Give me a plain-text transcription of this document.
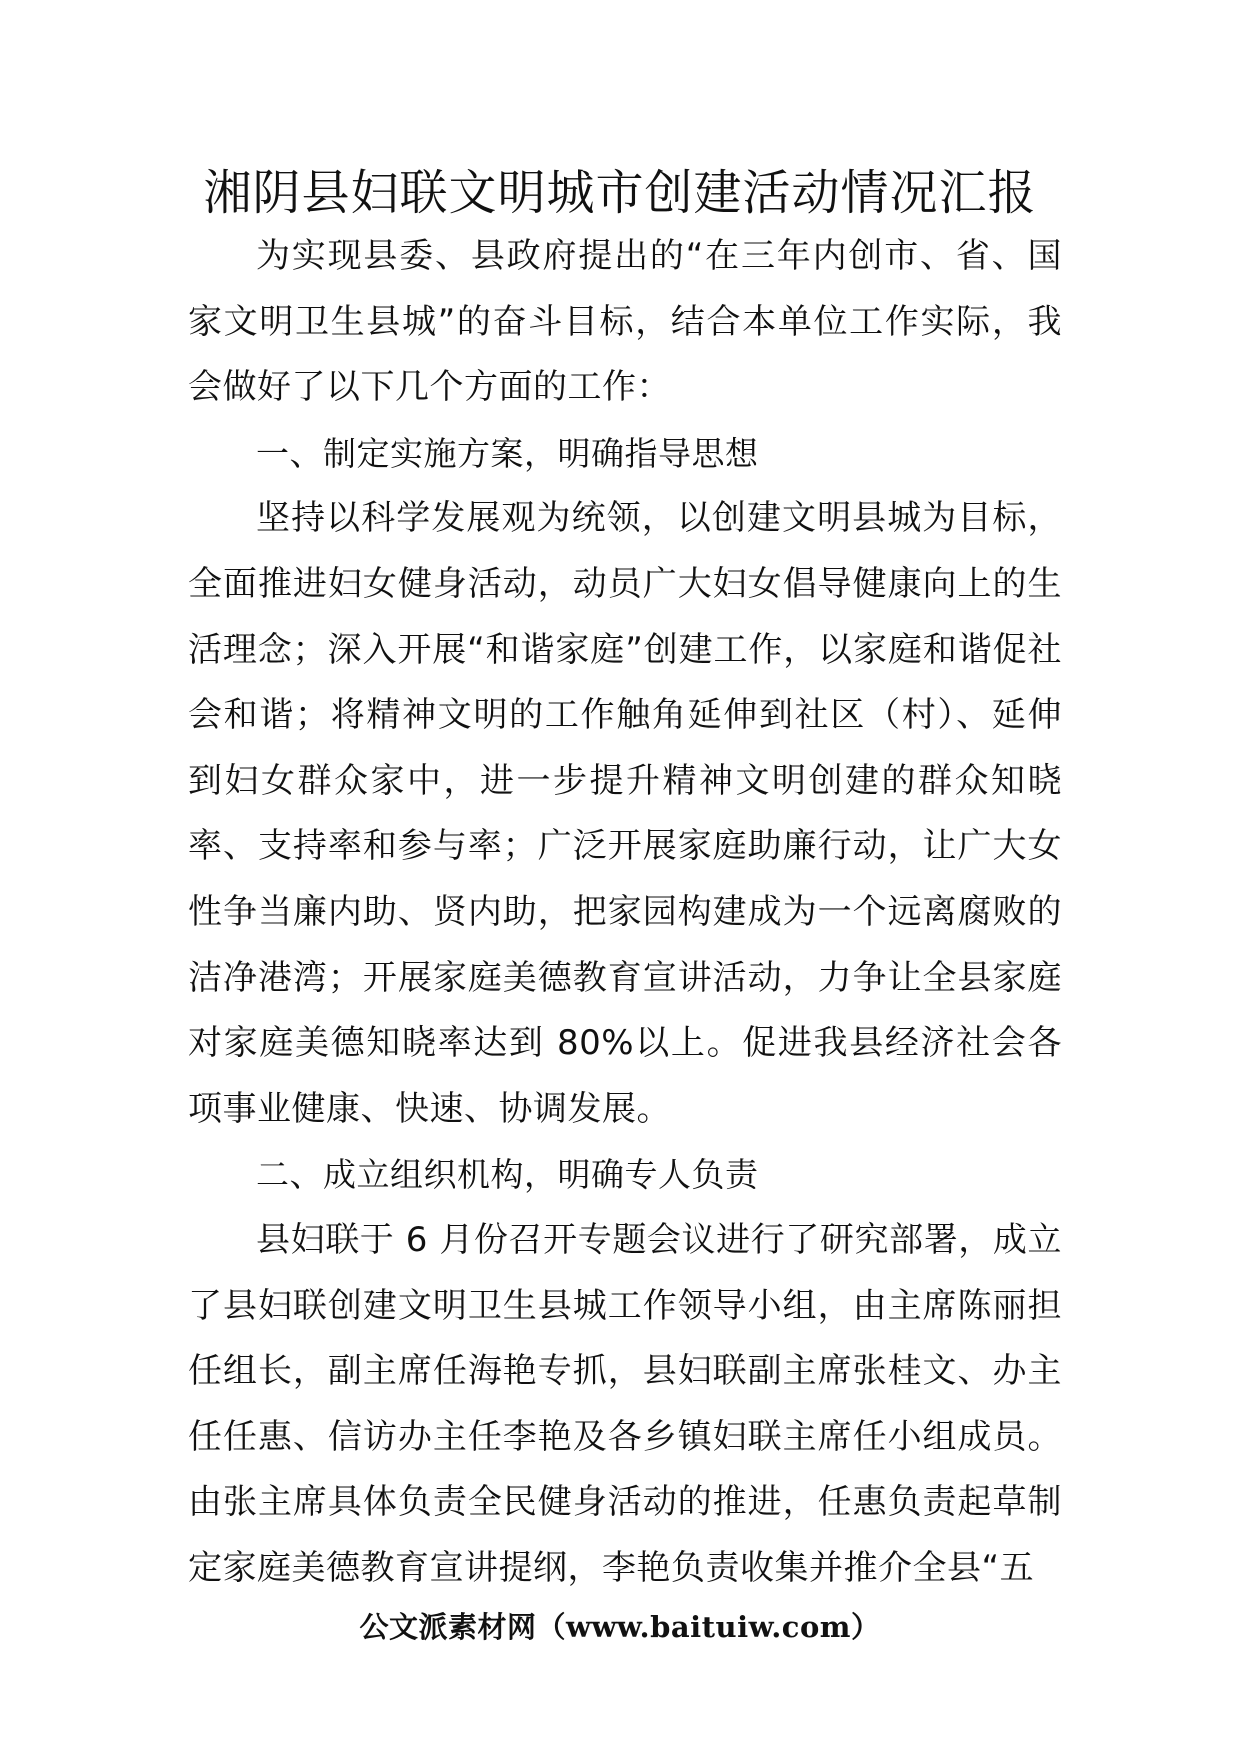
湘阴县妇联文明城市创建活动情况汇报

为实现县委、县政府提出的“在三年内创市、省、国家文明卫生县城”的奋斗目标，结合本单位工作实际，我会做好了以下几个方面的工作：

一、制定实施方案，明确指导思想

坚持以科学发展观为统领，以创建文明县城为目标，全面推进妇女健身活动，动员广大妇女倡导健康向上的生活理念；深入开展“和谐家庭”创建工作，以家庭和谐促社会和谐；将精神文明的工作触角延伸到社区（村）、延伸到妇女群众家中，进一步提升精神文明创建的群众知晓率、支持率和参与率；广泛开展家庭助廉行动，让广大女性争当廉内助、贤内助，把家园构建成为一个远离腐败的洁净港湾；开展家庭美德教育宣讲活动，力争让全县家庭对家庭美德知晓率达到 80%以上。促进我县经济社会各项事业健康、快速、协调发展。

二、成立组织机构，明确专人负责

县妇联于 6 月份召开专题会议进行了研究部署，成立了县妇联创建文明卫生县城工作领导小组，由主席陈丽担任组长，副主席任海艳专抓，县妇联副主席张桂文、办主任任惠、信访办主任李艳及各乡镇妇联主席任小组成员。由张主席具体负责全民健身活动的推进，任惠负责起草制定家庭美德教育宣讲提纲，李艳负责收集并推介全县“五

公文派素材网（www.baituiw.com）
